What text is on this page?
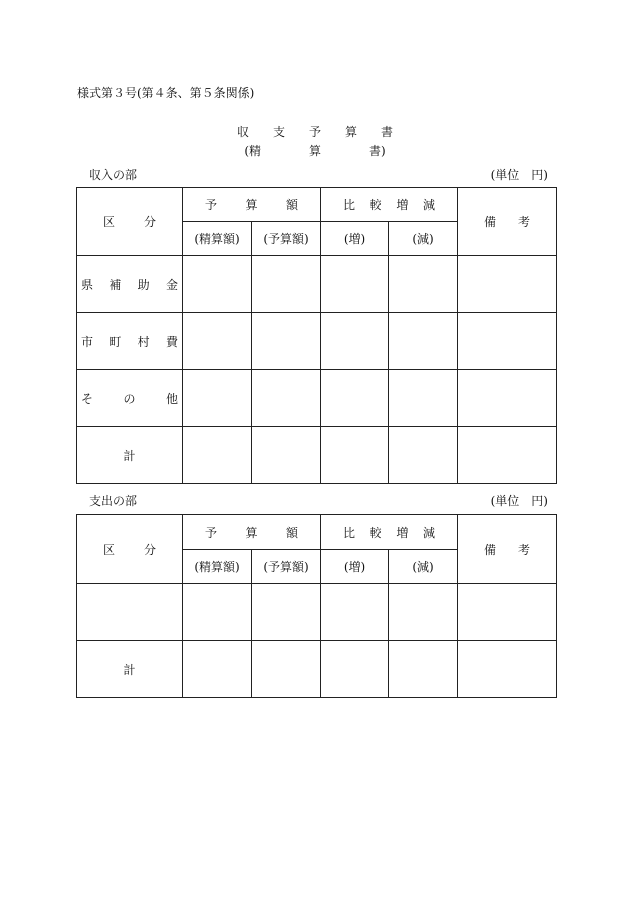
様式第３号(第４条、第５条関係)
収　　支　　予　　算　　書
(精　　　　算　　　　書)
収入の部	(単位　円)
区 分	予 算 額		比 較 増 減		備 考

	(精算額)	(予算額)	(増)	(減)	

県 補 助 金					

市 町 村 費					

そ の 他					

計					
支出の部	(単位　円)
区 分	予 算 額		比 較 増 減		備 考

	(精算額)	(予算額)	(増)	(減)	

計					
